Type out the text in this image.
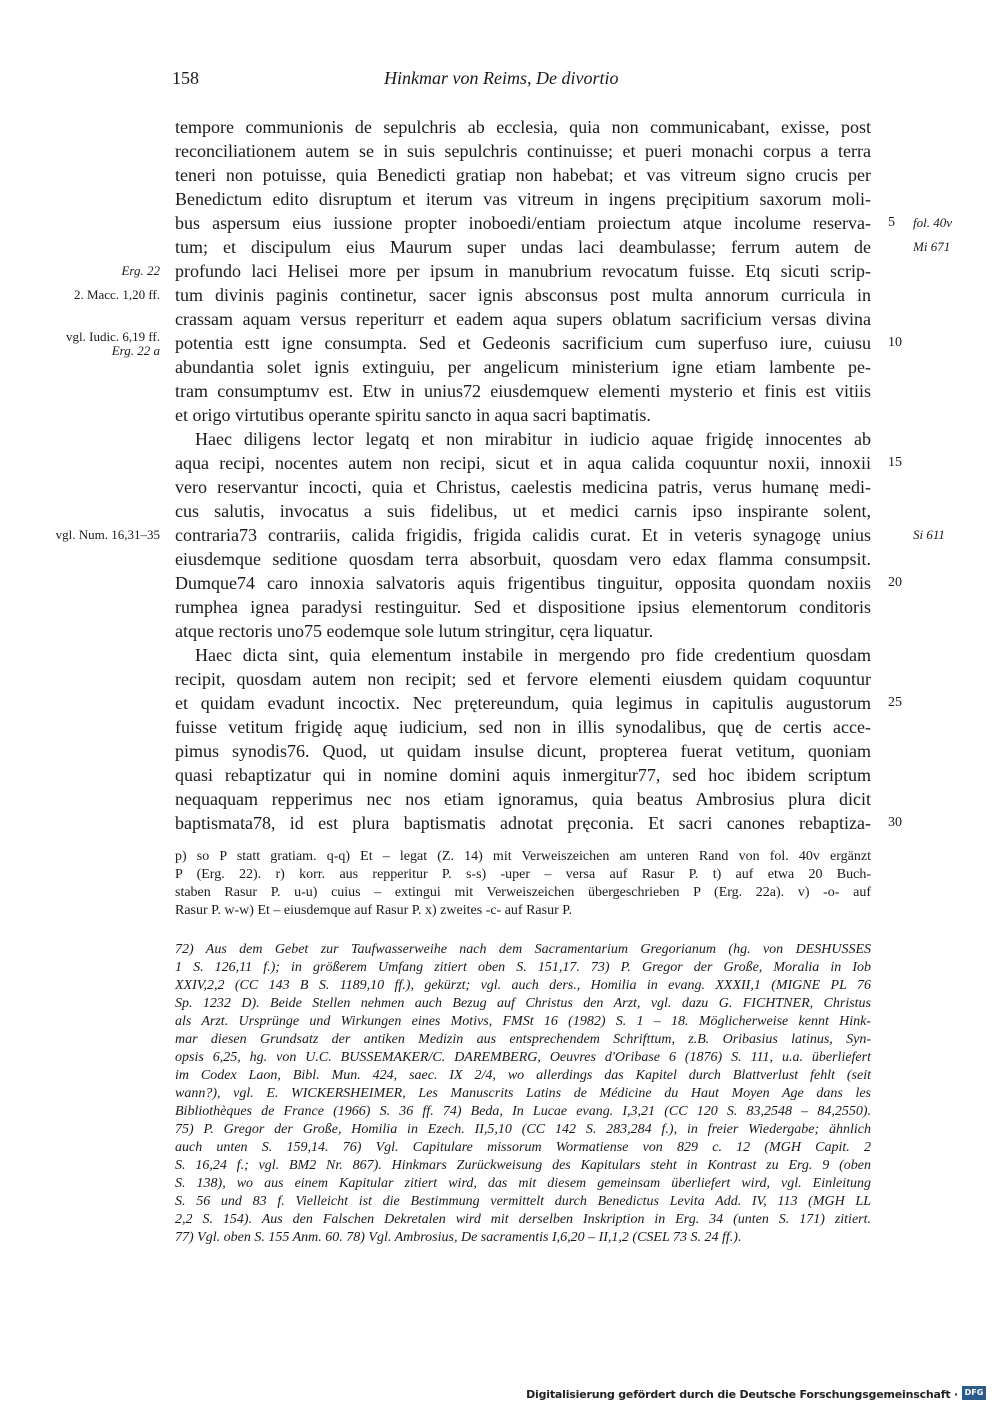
158	Hinkmar von Reims, De divortio
tempore communionis de sepulchris ab ecclesia, quia non communicabant, exisse, post
reconciliationem autem se in suis sepulchris continuisse; et pueri monachi corpus a terra
teneri non potuisse, quia Benedicti gratiap non habebat; et vas vitreum signo crucis per
Benedictum edito disruptum et iterum vas vitreum in ingens pręcipitium saxorum moli-
bus aspersum eius iussione propter inoboedi/entiam proiectum atque incolume reserva-
tum; et discipulum eius Maurum super undas laci deambulasse; ferrum autem de
profundo laci Helisei more per ipsum in manubrium revocatum fuisse. Etq sicuti scrip-
tum divinis paginis continetur, sacer ignis absconsus post multa annorum curricula in
crassam aquam versus reperiturr et eadem aqua supers oblatum sacrificium versas divina
potentia estt igne consumpta. Sed et Gedeonis sacrificium cum superfuso iure, cuiusu
abundantia solet ignis extinguiu, per angelicum ministerium igne etiam lambente pe-
tram consumptumv est. Etw in unius72 eiusdemquew elementi mysterio et finis est vitiis
et origo virtutibus operante spiritu sancto in aqua sacri baptimatis.
Haec diligens lector legatq et non mirabitur in iudicio aquae frigidę innocentes ab
aqua recipi, nocentes autem non recipi, sicut et in aqua calida coquuntur noxii, innoxii
vero reservantur incocti, quia et Christus, caelestis medicina patris, verus humanę medi-
cus salutis, invocatus a suis fidelibus, ut et medici carnis ipso inspirante solent,
contraria73 contrariis, calida frigidis, frigida calidis curat. Et in veteris synagogę unius
eiusdemque seditione quosdam terra absorbuit, quosdam vero edax flamma consumpsit.
Dumque74 caro innoxia salvatoris aquis frigentibus tinguitur, opposita quondam noxiis
rumphea ignea paradysi restinguitur. Sed et dispositione ipsius elementorum conditoris
atque rectoris uno75 eodemque sole lutum stringitur, cęra liquatur.
Haec dicta sint, quia elementum instabile in mergendo pro fide credentium quosdam
recipit, quosdam autem non recipit; sed et fervore elementi eiusdem quidam coquuntur
et quidam evadunt incoctix. Nec prętereundum, quia legimus in capitulis augustorum
fuisse vetitum frigidę aquę iudicium, sed non in illis synodalibus, quę de certis acce-
pimus synodis76. Quod, ut quidam insulse dicunt, propterea fuerat vetitum, quoniam
quasi rebaptizatur qui in nomine domini aquis inmergitur77, sed hoc ibidem scriptum
nequaquam repperimus nec nos etiam ignoramus, quia beatus Ambrosius plura dicit
baptismata78, id est plura baptismatis adnotat pręconia. Et sacri canones rebaptiza-
Erg. 22
2. Macc. 1,20 ff.
vgl. Iudic. 6,19 ff.
Erg. 22 a
vgl. Num. 16,31–35
5
10
15
20
25
30
fol. 40v
Mi 671
Si 611
p) so P statt gratiam. q-q) Et – legat (Z. 14) mit Verweiszeichen am unteren Rand von fol. 40v ergänzt
P (Erg. 22). r) korr. aus repperitur P. s-s) -uper – versa auf Rasur P. t) auf etwa 20 Buch-
staben Rasur P. u-u) cuius – extingui mit Verweiszeichen übergeschrieben P (Erg. 22a). v) -o- auf
Rasur P. w-w) Et – eiusdemque auf Rasur P. x) zweites -c- auf Rasur P.
72) Aus dem Gebet zur Taufwasserweihe nach dem Sacramentarium Gregorianum (hg. von DESHUSSES
1 S. 126,11 f.); in größerem Umfang zitiert oben S. 151,17. 73) P. Gregor der Große, Moralia in Iob
XXIV,2,2 (CC 143 B S. 1189,10 ff.), gekürzt; vgl. auch ders., Homilia in evang. XXXII,1 (MIGNE PL 76
Sp. 1232 D). Beide Stellen nehmen auch Bezug auf Christus den Arzt, vgl. dazu G. FICHTNER, Christus
als Arzt. Ursprünge und Wirkungen eines Motivs, FMSt 16 (1982) S. 1 – 18. Möglicherweise kennt Hink-
mar diesen Grundsatz der antiken Medizin aus entsprechendem Schrifttum, z.B. Oribasius latinus, Syn-
opsis 6,25, hg. von U.C. BUSSEMAKER/C. DAREMBERG, Oeuvres d'Oribase 6 (1876) S. 111, u.a. überliefert
im Codex Laon, Bibl. Mun. 424, saec. IX 2/4, wo allerdings das Kapitel durch Blattverlust fehlt (seit
wann?), vgl. E. WICKERSHEIMER, Les Manuscrits Latins de Médicine du Haut Moyen Age dans les
Bibliothèques de France (1966) S. 36 ff. 74) Beda, In Lucae evang. I,3,21 (CC 120 S. 83,2548 – 84,2550).
75) P. Gregor der Große, Homilia in Ezech. II,5,10 (CC 142 S. 283,284 f.), in freier Wiedergabe; ähnlich
auch unten S. 159,14. 76) Vgl. Capitulare missorum Wormatiense von 829 c. 12 (MGH Capit. 2
S. 16,24 f.; vgl. BM2 Nr. 867). Hinkmars Zurückweisung des Kapitulars steht in Kontrast zu Erg. 9 (oben
S. 138), wo aus einem Kapitular zitiert wird, das mit diesem gemeinsam überliefert wird, vgl. Einleitung
S. 56 und 83 f. Vielleicht ist die Bestimmung vermittelt durch Benedictus Levita Add. IV, 113 (MGH LL
2,2 S. 154). Aus den Falschen Dekretalen wird mit derselben Inskription in Erg. 34 (unten S. 171) zitiert.
77) Vgl. oben S. 155 Anm. 60. 78) Vgl. Ambrosius, De sacramentis I,6,20 – II,1,2 (CSEL 73 S. 24 ff.).
Digitalisierung gefördert durch die Deutsche Forschungsgemeinschaft · DFG
